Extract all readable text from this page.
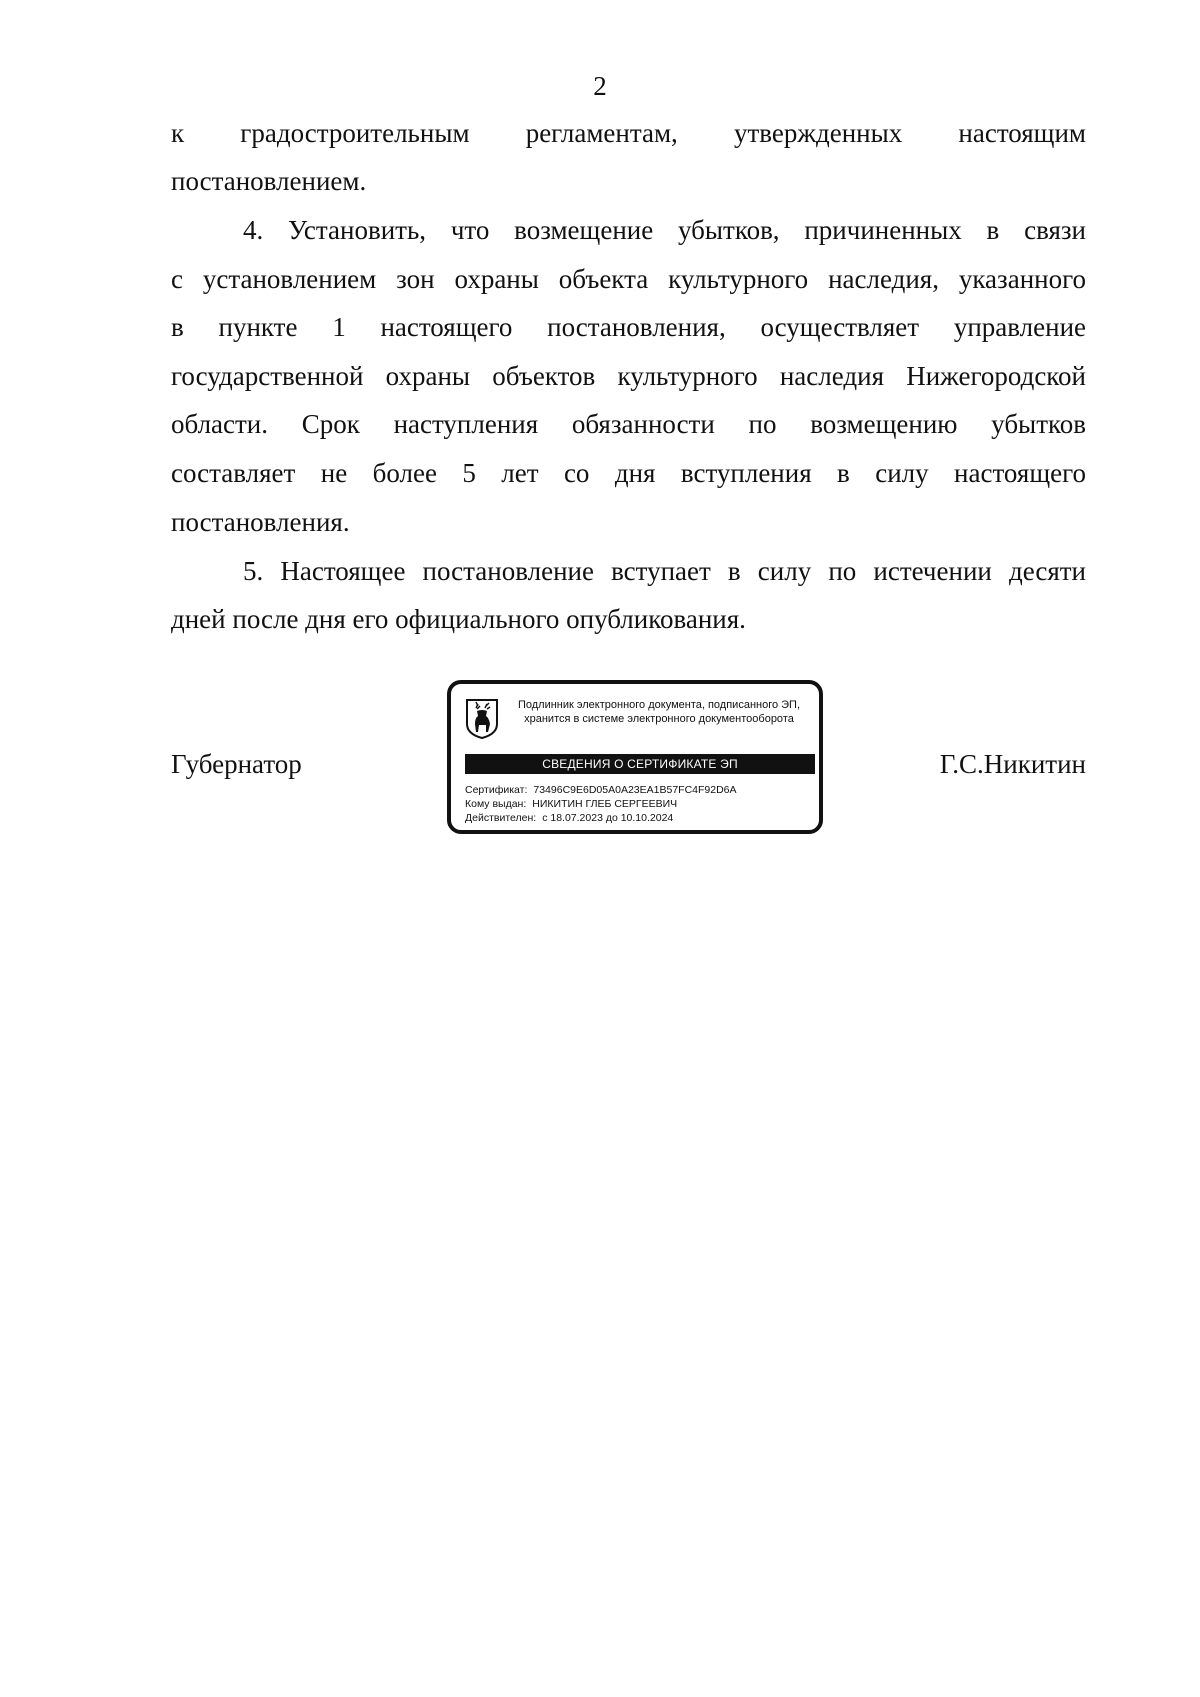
2
к градостроительным регламентам, утвержденных настоящим
постановлением.
4. Установить, что возмещение убытков, причиненных в связи
с установлением зон охраны объекта культурного наследия, указанного
в пункте 1 настоящего постановления, осуществляет управление
государственной охраны объектов культурного наследия Нижегородской
области. Срок наступления обязанности по возмещению убытков
составляет не более 5 лет со дня вступления в силу настоящего
постановления.
5. Настоящее постановление вступает в силу по истечении десяти
дней после дня его официального опубликования.
Губернатор
Подлинник электронного документа, подписанного ЭП,
хранится в системе электронного документооборота
СВЕДЕНИЯ О СЕРТИФИКАТЕ ЭП
Сертификат: 73496C9E6D05A0A23EA1B57FC4F92D6A
Кому выдан: НИКИТИН ГЛЕБ СЕРГЕЕВИЧ
Действителен: с 18.07.2023 до 10.10.2024
Г.С.Никитин
